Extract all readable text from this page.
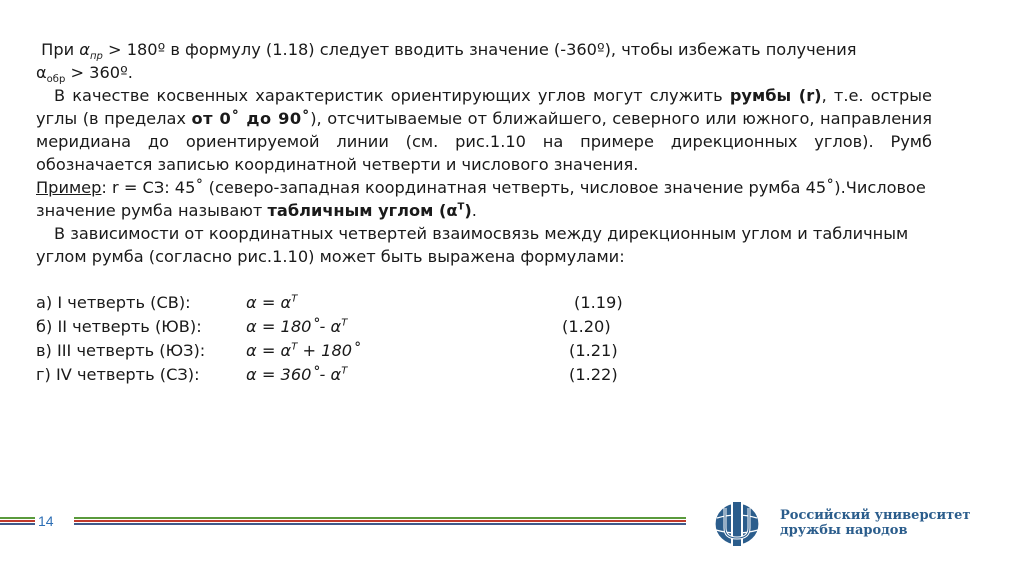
При $\alpha_{пр}$ > 180º в формулу (1.18) следует вводить значение (-360º), чтобы избежать получения
$\alpha_{обр}$ > 360º.

В качестве косвенных характеристик ориентирующих углов могут служить румбы (r), т.е. острые углы (в пределах от 0˚ до 90˚), отсчитываемые от ближайшего, северного или южного, направления меридиана до ориентируемой линии (см. рис.1.10 на примере дирекционных углов). Румб обозначается записью координатной четверти и числового значения.

Пример: r = СЗ: 45˚ (северо-западная координатная четверть, числовое значение румба 45˚).Числовое значение румба называют табличным углом $(\alpha^Т)$.

В зависимости от координатных четвертей взаимосвязь между дирекционным углом и табличным углом румба (согласно рис.1.10) может быть выражена формулами:

а) I четверть (СВ):	$\alpha = \alpha^Т$	(1.19)
б) II четверть (ЮВ):	α = 180˚- $\alpha^Т$	(1.20)
в) III четверть (ЮЗ):	$\alpha = \alpha^Т$ + 180˚	(1.21)
г) IV четверть (СЗ):	α = 360˚- $\alpha^Т$	(1.22)
14	Российский университет
дружбы народов
